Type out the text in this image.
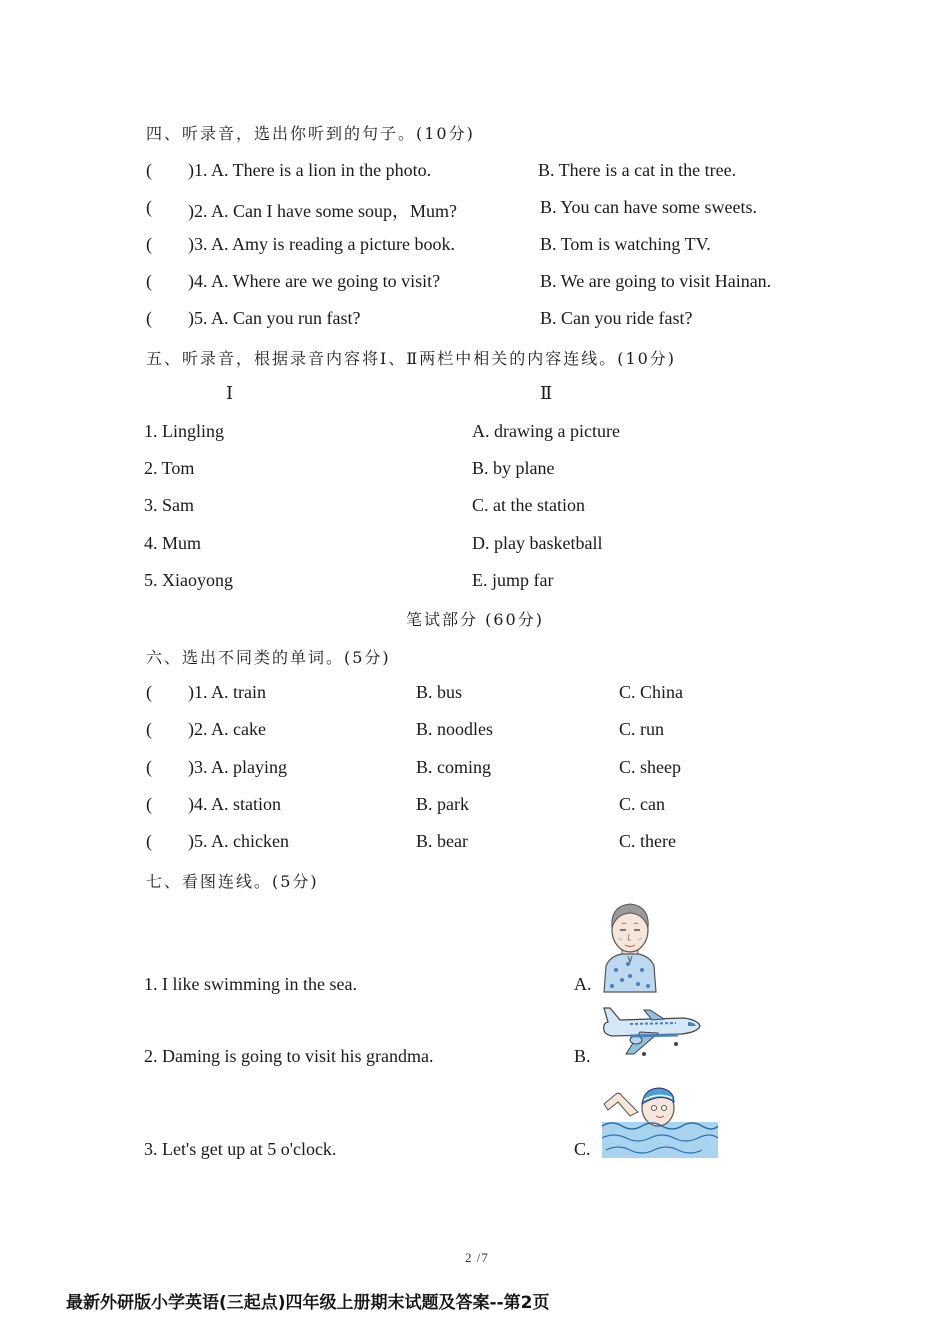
四、听录音，选出你听到的句子。(10分)
( )1. A. There is a lion in the photo.	B. There is a cat in the tree.
( )2. A. Can I have some soup，Mum?	B. You can have some sweets.
( )3. A. Amy is reading a picture book.	B. Tom is watching TV.
( )4. A. Where are we going to visit?	B. We are going to visit Hainan.
( )5. A. Can you run fast?	B. Can you ride fast?
五、听录音，根据录音内容将Ⅰ、Ⅱ两栏中相关的内容连线。(10分)
Ⅰ	Ⅱ
1. Lingling	A. drawing a picture
2. Tom	B. by plane
3. Sam	C. at the station
4. Mum	D. play basketball
5. Xiaoyong	E. jump far
笔试部分 (60分)
六、选出不同类的单词。(5分)
( )1. A. train	B. bus	C. China
( )2. A. cake	B. noodles	C. run
( )3. A. playing	B. coming	C. sheep
( )4. A. station	B. park	C. can
( )5. A. chicken	B. bear	C. there
七、看图连线。(5分)
1. I like swimming in the sea.	A.
2. Daming is going to visit his grandma.	B.
3. Let's get up at 5 o'clock.	C.
2 /7
最新外研版小学英语(三起点)四年级上册期末试题及答案--第2页
